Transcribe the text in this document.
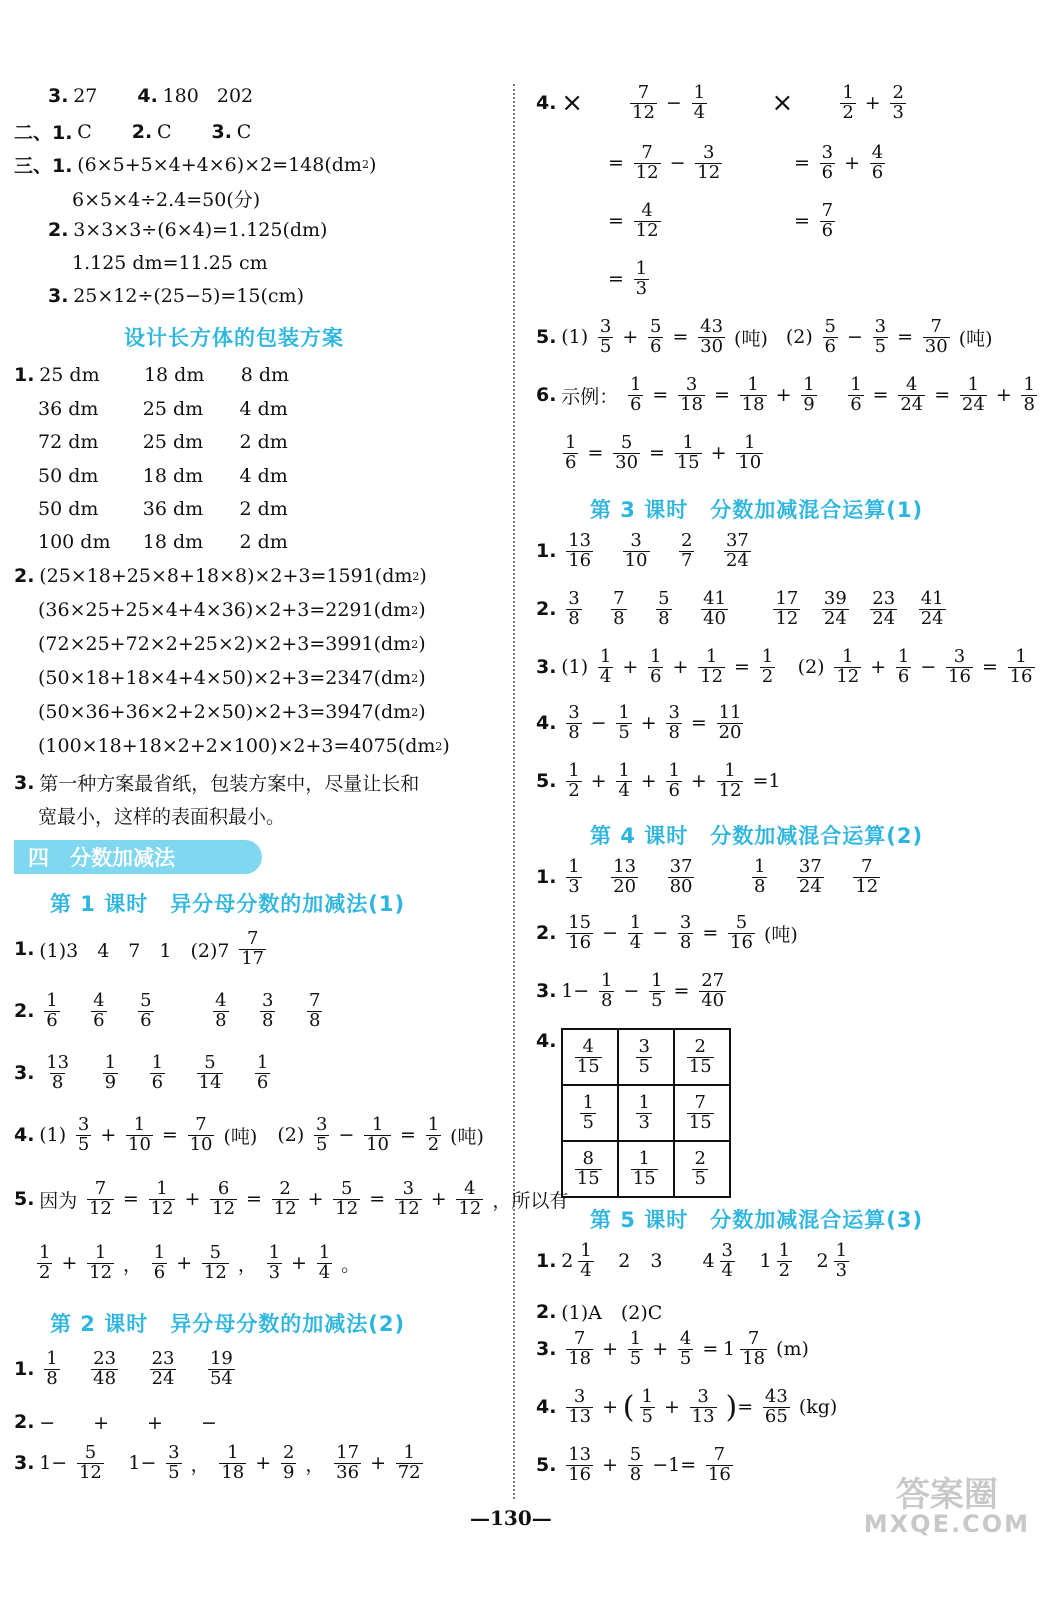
3. 27 4. 180 202
二、1. C 2. C 3. C
三、1. (6×5+5×4+4×6)×2=148(dm 2 )
6×5×4÷2.4=50(分)
2. 3×3×3÷(6×4)=1.125(dm)
1.125 dm=11.25 cm
3. 25×12÷(25−5)=15(cm)
设计长方体的包装方案
1. 25 dm	18 dm	8 dm
36 dm	25 dm	4 dm
72 dm	25 dm	2 dm
50 dm	18 dm	4 dm
50 dm	36 dm	2 dm
100 dm	18 dm	2 dm
2. (25×18+25×8+18×8)×2+3=1591(dm 2 )
(36×25+25×4+4×36)×2+3=2291(dm 2 )
(72×25+72×2+25×2)×2+3=3991(dm 2 )
(50×18+18×4+4×50)×2+3=2347(dm 2 )
(50×36+36×2+2×50)×2+3=3947(dm 2 )
(100×18+18×2+2×100)×2+3=4075(dm 2 )
3. 第一种方案最省纸，包装方案中，尽量让长和
宽最小，这样的表面积最小。
四　分数加减法
第 1 课时　异分母分数的加减法(1)
1. (1)3　4　7　1　$(2)7 \frac{7}{17}$
2. $\frac{1}{6} \frac{4}{6} \frac{5}{6}$	$\frac{4}{8} \frac{3}{8} \frac{7}{8}$
3. $\frac{13}{8} \frac{1}{9} \frac{1}{6} \frac{5}{14} \frac{1}{6}$
4. $(1) \frac{3}{5} + \frac{1}{10} = \frac{7}{10}$ (吨) $(2) \frac{3}{5} - \frac{1}{10} = \frac{1}{2}$ (吨)
5. 因为 $\frac{7}{12} = \frac{1}{12} + \frac{6}{12} = \frac{2}{12} + \frac{5}{12} = \frac{3}{12} + \frac{4}{12}$ ，所以有
$\frac{1}{2} + \frac{1}{12}$ ， $\frac{1}{6} + \frac{5}{12}$ ， $\frac{1}{3} + \frac{1}{4}$ 。
第 2 课时　异分母分数的加减法(2)
1. $\frac{1}{8} \frac{23}{48} \frac{23}{24} \frac{19}{54}$
2. −　　+　　+　　−
3. $1- \frac{5}{12} 1- \frac{3}{5}$ ， $\frac{1}{18} + \frac{2}{9}$ ， $\frac{17}{36} + \frac{1}{72}$
4. ×	$\frac{7}{12} - \frac{1}{4}$ ×	$\frac{1}{2} + \frac{2}{3}$
= $\frac{7}{12} - \frac{3}{12}$	= $\frac{3}{6} + \frac{4}{6}$
= $\frac{4}{12}$	= $\frac{7}{6}$
= $\frac{1}{3}$
5. $(1) \frac{3}{5} + \frac{5}{6} = \frac{43}{30}$ (吨) $(2) \frac{5}{6} - \frac{3}{5} = \frac{7}{30}$ (吨)
6. 示例： $\frac{1}{6} = \frac{3}{18} = \frac{1}{18} + \frac{1}{9} \frac{1}{6} = \frac{4}{24} = \frac{1}{24} + \frac{1}{8}$
$\frac{1}{6} = \frac{5}{30} = \frac{1}{15} + \frac{1}{10}$
第 3 课时　分数加减混合运算(1)
1. $\frac{13}{16} \frac{3}{10} \frac{2}{7} \frac{37}{24}$
2. $\frac{3}{8} \frac{7}{8} \frac{5}{8} \frac{41}{40} \frac{17}{12} \frac{39}{24} \frac{23}{24} \frac{41}{24}$
3. $(1) \frac{1}{4} + \frac{1}{6} + \frac{1}{12} = \frac{1}{2} (2) \frac{1}{12} + \frac{1}{6} - \frac{3}{16} = \frac{1}{16}$
4. $\frac{3}{8} - \frac{1}{5} + \frac{3}{8} = \frac{11}{20}$
5. $\frac{1}{2} + \frac{1}{4} + \frac{1}{6} + \frac{1}{12} =1$
第 4 课时　分数加减混合运算(2)
1. $\frac{1}{3} \frac{13}{20} \frac{37}{80}$	$\frac{1}{8} \frac{37}{24} \frac{7}{12}$
2. $\frac{15}{16} - \frac{1}{4} - \frac{3}{8} = \frac{5}{16}$ (吨)
3. $1- \frac{1}{8} - \frac{1}{5} = \frac{27}{40}$
4. $\frac{4}{15}$	$\frac{3}{5}$	$\frac{2}{15}$

$\frac{1}{5}$	$\frac{1}{3}$	$\frac{7}{15}$

$\frac{8}{15}$	$\frac{1}{15}$	$\frac{2}{5}$
第 5 课时　分数加减混合运算(3)
1. $2 \frac{1}{4} 2$ 3 $4 \frac{3}{4} 1 \frac{1}{2} 2 \frac{1}{3}$
2. (1)A　(2)C
3. $\frac{7}{18} + \frac{1}{5} + \frac{4}{5} = 1 \frac{7}{18} (m)$
4. $\frac{3}{13}$ + ( $\frac{1}{5} + \frac{3}{13}$ ) = $\frac{43}{65} (kg)$
5. $\frac{13}{16} + \frac{5}{8} -1= \frac{7}{16}$
—130—
答案圈
MXQE.COM
